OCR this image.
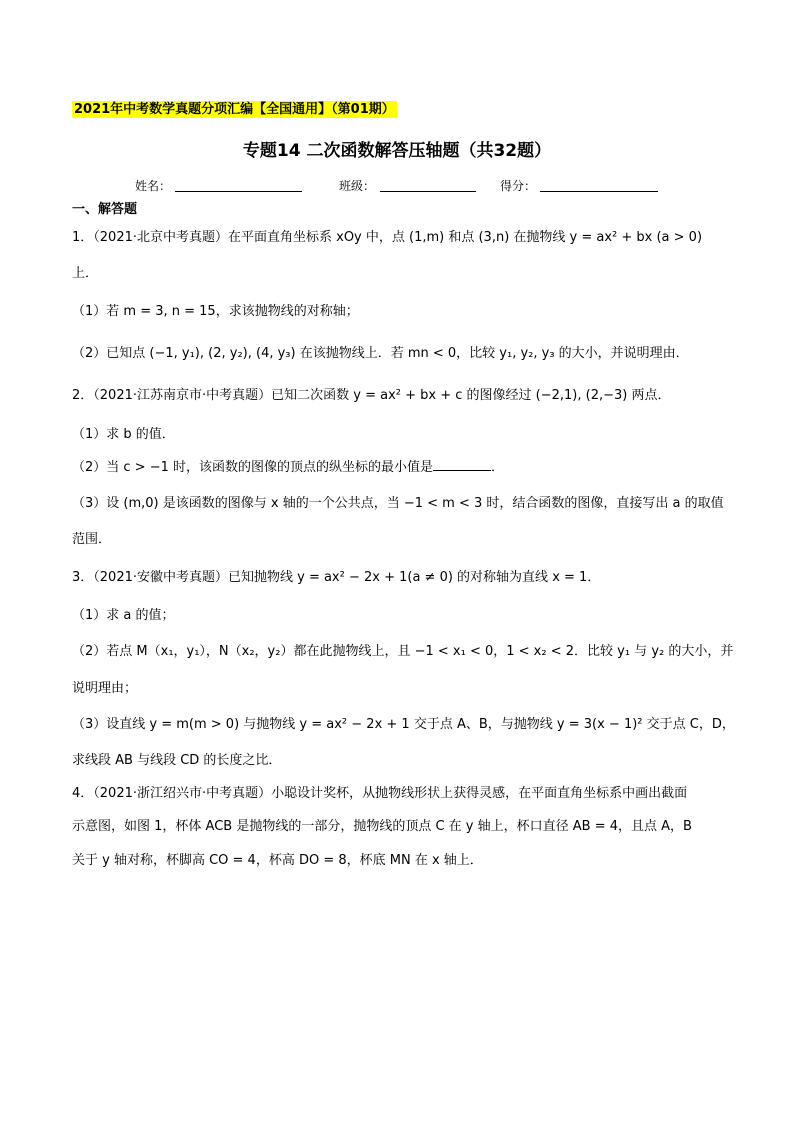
2021年中考数学真题分项汇编【全国通用】（第01期）
专题14 二次函数解答压轴题（共32题）
姓名：	班级：	得分：
一、解答题
1．（2021·北京中考真题）在平面直角坐标系 xOy 中，点 (1,m) 和点 (3,n) 在抛物线 y = ax² + bx (a > 0)
上．
（1）若 m = 3, n = 15，求该抛物线的对称轴；
（2）已知点 (−1, y₁), (2, y₂), (4, y₃) 在该抛物线上．若 mn < 0，比较 y₁, y₂, y₃ 的大小，并说明理由．
2．（2021·江苏南京市·中考真题）已知二次函数 y = ax² + bx + c 的图像经过 (−2,1), (2,−3) 两点．
（1）求 b 的值．
（2）当 c > −1 时，该函数的图像的顶点的纵坐标的最小值是	．
（3）设 (m,0) 是该函数的图像与 x 轴的一个公共点，当 −1 < m < 3 时，结合函数的图像，直接写出 a 的取值
范围．
3．（2021·安徽中考真题）已知抛物线 y = ax² − 2x + 1(a ≠ 0) 的对称轴为直线 x = 1．
（1）求 a 的值；
（2）若点 M（x₁，y₁），N（x₂，y₂）都在此抛物线上，且 −1 < x₁ < 0，1 < x₂ < 2．比较 y₁ 与 y₂ 的大小，并
说明理由；
（3）设直线 y = m(m > 0) 与抛物线 y = ax² − 2x + 1 交于点 A、B，与抛物线 y = 3(x − 1)² 交于点 C，D，
求线段 AB 与线段 CD 的长度之比．
4．（2021·浙江绍兴市·中考真题）小聪设计奖杯，从抛物线形状上获得灵感，在平面直角坐标系中画出截面
示意图，如图 1，杯体 ACB 是抛物线的一部分，抛物线的顶点 C 在 y 轴上，杯口直径 AB = 4，且点 A，B
关于 y 轴对称，杯脚高 CO = 4，杯高 DO = 8，杯底 MN 在 x 轴上．
